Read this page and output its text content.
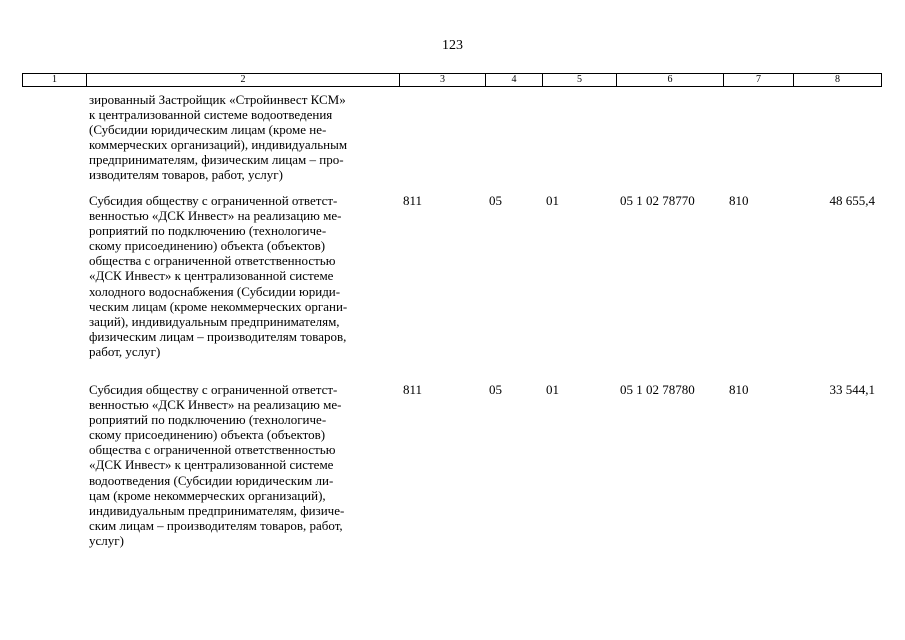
123
1	2	3	4	5	6	7	8
зированный Застройщик «Стройинвест КСМ»
к централизованной системе водоотведения
(Субсидии юридическим лицам (кроме не-
коммерческих организаций), индивидуальным
предпринимателям, физическим лицам – про-
изводителям товаров, работ, услуг)
Субсидия обществу с ограниченной ответст-
венностью «ДСК Инвест» на реализацию ме-
роприятий по подключению (технологиче-
скому присоединению) объекта (объектов)
общества с ограниченной ответственностью
«ДСК Инвест» к централизованной системе
холодного водоснабжения (Субсидии юриди-
ческим лицам (кроме некоммерческих органи-
заций), индивидуальным предпринимателям,
физическим лицам – производителям товаров,
работ, услуг)
811	05	01	05 1 02 78770	810	48 655,4
Субсидия обществу с ограниченной ответст-
венностью «ДСК Инвест» на реализацию ме-
роприятий по подключению (технологиче-
скому присоединению) объекта (объектов)
общества с ограниченной ответственностью
«ДСК Инвест» к централизованной системе
водоотведения (Субсидии юридическим ли-
цам (кроме некоммерческих организаций),
индивидуальным предпринимателям, физиче-
ским лицам – производителям товаров, работ,
услуг)
811	05	01	05 1 02 78780	810	33 544,1
